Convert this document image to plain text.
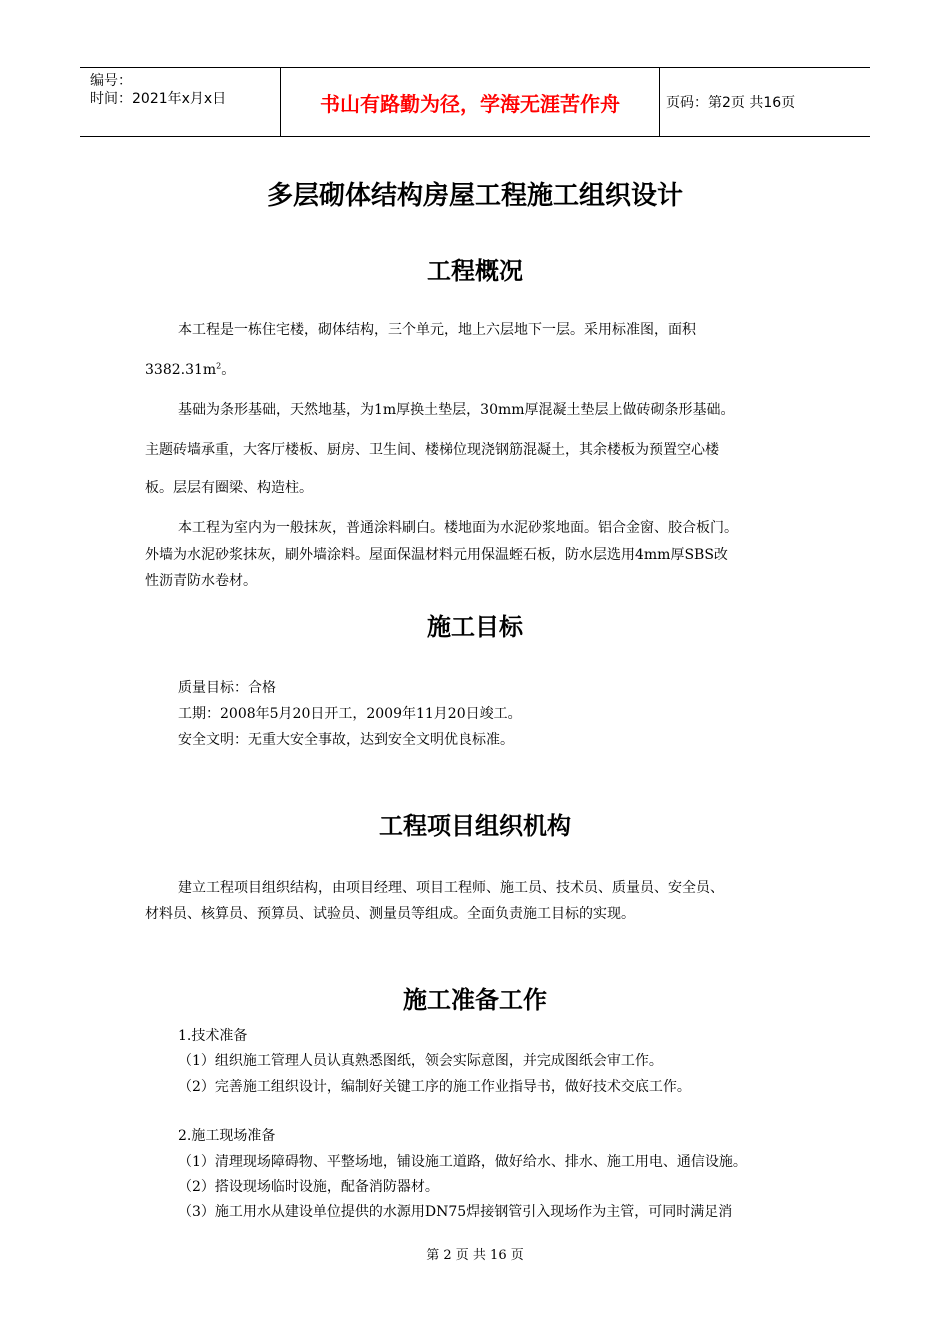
编号：
时间：2021年x月x日	书山有路勤为径，学海无涯苦作舟	页码：第2页 共16页
多层砌体结构房屋工程施工组织设计
工程概况
本工程是一栋住宅楼，砌体结构，三个单元，地上六层地下一层。采用标准图，面积
$3382.31m^2$。
基础为条形基础，天然地基，为1m厚换土垫层，30mm厚混凝土垫层上做砖砌条形基础。
主题砖墙承重，大客厅楼板、厨房、卫生间、楼梯位现浇钢筋混凝土，其余楼板为预置空心楼
板。层层有圈梁、构造柱。
本工程为室内为一般抹灰，普通涂料刷白。楼地面为水泥砂浆地面。铝合金窗、胶合板门。
外墙为水泥砂浆抹灰，刷外墙涂料。屋面保温材料元用保温蛭石板，防水层选用4mm厚SBS改
性沥青防水卷材。
施工目标
质量目标：合格
工期：2008年5月20日开工，2009年11月20日竣工。
安全文明：无重大安全事故，达到安全文明优良标准。
工程项目组织机构
建立工程项目组织结构，由项目经理、项目工程师、施工员、技术员、质量员、安全员、
材料员、核算员、预算员、试验员、测量员等组成。全面负责施工目标的实现。
施工准备工作
1.技术准备
（1）组织施工管理人员认真熟悉图纸，领会实际意图，并完成图纸会审工作。
（2）完善施工组织设计，编制好关键工序的施工作业指导书，做好技术交底工作。
2.施工现场准备
（1）清理现场障碍物、平整场地，铺设施工道路，做好给水、排水、施工用电、通信设施。
（2）搭设现场临时设施，配备消防器材。
（3）施工用水从建设单位提供的水源用DN75焊接钢管引入现场作为主管，可同时满足消
第 2 页 共 16 页
